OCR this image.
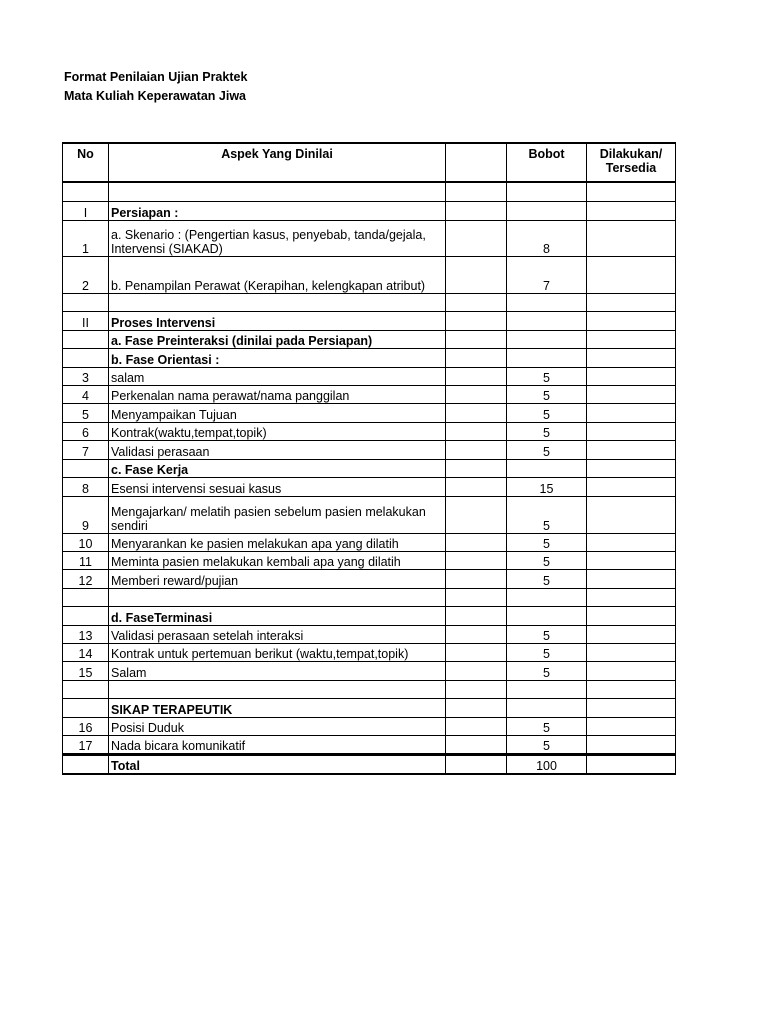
Format Penilaian Ujian Praktek
Mata Kuliah Keperawatan Jiwa
No	Aspek Yang Dinilai		Bobot	Dilakukan/ Tersedia

I	Persiapan :			
1	a. Skenario : (Pengertian kasus, penyebab, tanda/gejala, Intervensi (SIAKAD)		8	
2	b. Penampilan Perawat (Kerapihan, kelengkapan atribut)		7	

II	Proses Intervensi			
	a. Fase Preinteraksi (dinilai pada Persiapan)			
	b. Fase Orientasi :			
3	salam		5	
4	Perkenalan nama perawat/nama panggilan		5	
5	Menyampaikan Tujuan		5	
6	Kontrak(waktu,tempat,topik)		5	
7	Validasi perasaan		5	
	c. Fase Kerja			
8	Esensi intervensi sesuai kasus		15	
9	Mengajarkan/ melatih pasien sebelum pasien melakukan sendiri		5	
10	Menyarankan ke pasien melakukan apa yang dilatih		5	
11	Meminta pasien melakukan kembali apa yang dilatih		5	
12	Memberi reward/pujian		5	

	d. FaseTerminasi			
13	Validasi perasaan setelah interaksi		5	
14	Kontrak untuk pertemuan berikut (waktu,tempat,topik)		5	
15	Salam		5	

	SIKAP TERAPEUTIK			
16	Posisi Duduk		5	
17	Nada bicara komunikatif		5	
	Total		100	
